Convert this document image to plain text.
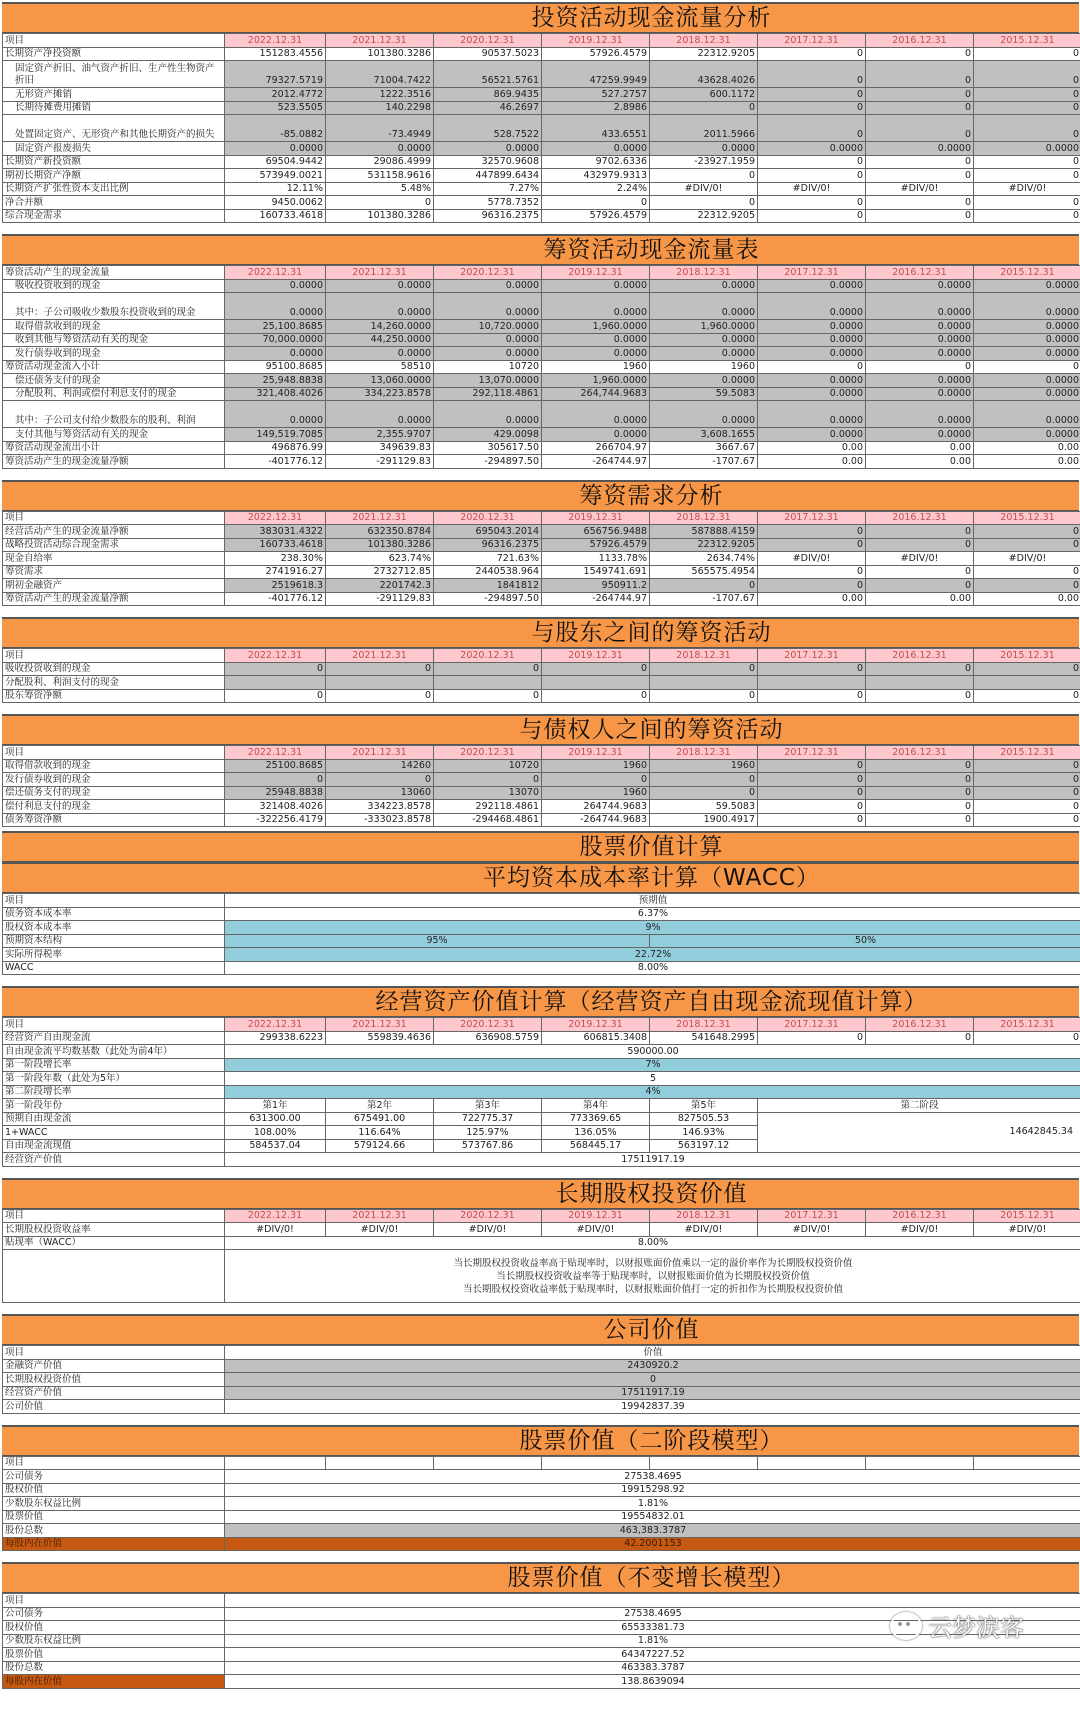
投资活动现金流量分析
项目	2022.12.31	2021.12.31	2020.12.31	2019.12.31	2018.12.31	2017.12.31	2016.12.31	2015.12.31
长期资产净投资额	151283.4556	101380.3286	90537.5023	57926.4579	22312.9205	0	0	0
固定资产折旧、油气资产折旧、生产性生物资产折旧	79327.5719	71004.7422	56521.5761	47259.9949	43628.4026	0	0	0
无形资产摊销	2012.4772	1222.3516	869.9435	527.2757	600.1172	0	0	0
长期待摊费用摊销	523.5505	140.2298	46.2697	2.8986	0	0	0	0
处置固定资产、无形资产和其他长期资产的损失	-85.0882	-73.4949	528.7522	433.6551	2011.5966	0	0	0
固定资产报废损失	0.0000	0.0000	0.0000	0.0000	0.0000	0.0000	0.0000	0.0000
长期资产新投资额	69504.9442	29086.4999	32570.9608	9702.6336	-23927.1959	0	0	0
期初长期资产净额	573949.0021	531158.9616	447899.6434	432979.9313	0	0	0	0
长期资产扩张性资本支出比例	12.11%	5.48%	7.27%	2.24%	#DIV/0!	#DIV/0!	#DIV/0!	#DIV/0!
净合并额	9450.0062	0	5778.7352	0	0	0	0	0
综合现金需求	160733.4618	101380.3286	96316.2375	57926.4579	22312.9205	0	0	0
筹资活动现金流量表
筹资活动产生的现金流量	2022.12.31	2021.12.31	2020.12.31	2019.12.31	2018.12.31	2017.12.31	2016.12.31	2015.12.31
吸收投资收到的现金	0.0000	0.0000	0.0000	0.0000	0.0000	0.0000	0.0000	0.0000
其中：子公司吸收少数股东投资收到的现金	0.0000	0.0000	0.0000	0.0000	0.0000	0.0000	0.0000	0.0000
取得借款收到的现金	25,100.8685	14,260.0000	10,720.0000	1,960.0000	1,960.0000	0.0000	0.0000	0.0000
收到其他与筹资活动有关的现金	70,000.0000	44,250.0000	0.0000	0.0000	0.0000	0.0000	0.0000	0.0000
发行债券收到的现金	0.0000	0.0000	0.0000	0.0000	0.0000	0.0000	0.0000	0.0000
筹资活动现金流入小计	95100.8685	58510	10720	1960	1960	0	0	0
偿还债务支付的现金	25,948.8838	13,060.0000	13,070.0000	1,960.0000	0.0000	0.0000	0.0000	0.0000
分配股利、利润或偿付利息支付的现金	321,408.4026	334,223.8578	292,118.4861	264,744.9683	59.5083	0.0000	0.0000	0.0000
其中：子公司支付给少数股东的股利、利润	0.0000	0.0000	0.0000	0.0000	0.0000	0.0000	0.0000	0.0000
支付其他与筹资活动有关的现金	149,519.7085	2,355.9707	429.0098	0.0000	3,608.1655	0.0000	0.0000	0.0000
筹资活动现金流出小计	496876.99	349639.83	305617.50	266704.97	3667.67	0.00	0.00	0.00
筹资活动产生的现金流量净额	-401776.12	-291129.83	-294897.50	-264744.97	-1707.67	0.00	0.00	0.00
筹资需求分析
项目	2022.12.31	2021.12.31	2020.12.31	2019.12.31	2018.12.31	2017.12.31	2016.12.31	2015.12.31
经营活动产生的现金流量净额	383031.4322	632350.8784	695043.2014	656756.9488	587888.4159	0	0	0
战略投资活动综合现金需求	160733.4618	101380.3286	96316.2375	57926.4579	22312.9205	0	0	0
现金自给率	238.30%	623.74%	721.63%	1133.78%	2634.74%	#DIV/0!	#DIV/0!	#DIV/0!
筹资需求	2741916.27	2732712.85	2440538.964	1549741.691	565575.4954	0	0	0
期初金融资产	2519618.3	2201742.3	1841812	950911.2	0	0	0	0
筹资活动产生的现金流量净额	-401776.12	-291129.83	-294897.50	-264744.97	-1707.67	0.00	0.00	0.00
与股东之间的筹资活动
项目	2022.12.31	2021.12.31	2020.12.31	2019.12.31	2018.12.31	2017.12.31	2016.12.31	2015.12.31
吸收投资收到的现金	0	0	0	0	0	0	0	0
分配股利、利润支付的现金								
股东筹资净额	0	0	0	0	0	0	0	0
与债权人之间的筹资活动
项目	2022.12.31	2021.12.31	2020.12.31	2019.12.31	2018.12.31	2017.12.31	2016.12.31	2015.12.31
取得借款收到的现金	25100.8685	14260	10720	1960	1960	0	0	0
发行债券收到的现金	0	0	0	0	0	0	0	0
偿还债务支付的现金	25948.8838	13060	13070	1960	0	0	0	0
偿付利息支付的现金	321408.4026	334223.8578	292118.4861	264744.9683	59.5083	0	0	0
债务筹资净额	-322256.4179	-333023.8578	-294468.4861	-264744.9683	1900.4917	0	0	0
股票价值计算
平均资本成本率计算（WACC）
项目	预期值	
债务资本成本率	6.37%	
股权资本成本率	9%	
预期资本结构	95%	50%
实际所得税率	22.72%	
WACC	8.00%	
经营资产价值计算（经营资产自由现金流现值计算）
项目	2022.12.31	2021.12.31	2020.12.31	2019.12.31	2018.12.31	2017.12.31	2016.12.31	2015.12.31
经营资产自由现金流	299338.6223	559839.4636	636908.5759	606815.3408	541648.2995	0	0	0
自由现金流平均数基数（此处为前4年）	590000.00							
第一阶段增长率	7%							
第一阶段年数（此处为5年）	5							
第二阶段增长率	4%							
第一阶段年份	第1年	第2年	第3年	第4年	第5年	第二阶段		
预期自由现金流	631300.00	675491.00	722775.37	773369.65	827505.53	14642845.34		
1+WACC	108.00%	116.64%	125.97%	136.05%	146.93%			
自由现金流现值	584537.04	579124.66	573767.86	568445.17	563197.12			
经营资产价值	17511917.19							
长期股权投资价值
项目	2022.12.31	2021.12.31	2020.12.31	2019.12.31	2018.12.31	2017.12.31	2016.12.31	2015.12.31
长期股权投资收益率	#DIV/0!	#DIV/0!	#DIV/0!	#DIV/0!	#DIV/0!	#DIV/0!	#DIV/0!	#DIV/0!
贴现率（WACC）	8.00%							

	当长期股权投资收益率高于贴现率时，以财报账面价值乘以一定的溢价率作为长期股权投资价值
当长期股权投资收益率等于贴现率时，以财报账面价值为长期股权投资价值
当长期股权投资收益率低于贴现率时，以财报账面价值打一定的折扣作为长期股权投资价值							
公司价值
项目	价值
金融资产价值	2430920.2
长期股权投资价值	0
经营资产价值	17511917.19
公司价值	19942837.39
股票价值（二阶段模型）
项目								
公司债务	27538.4695							
股权价值	19915298.92							
少数股东权益比例	1.81%							
股票价值	19554832.01							
股份总数	463,383.3787							
每股内在价值	42.2001153							
股票价值（不变增长模型）
项目	
公司债务	27538.4695
股权价值	65533381.73
少数股东权益比例	1.81%
股票价值	64347227.52
股份总数	463383.3787
每股内在价值	138.8639094
云梦涙客
